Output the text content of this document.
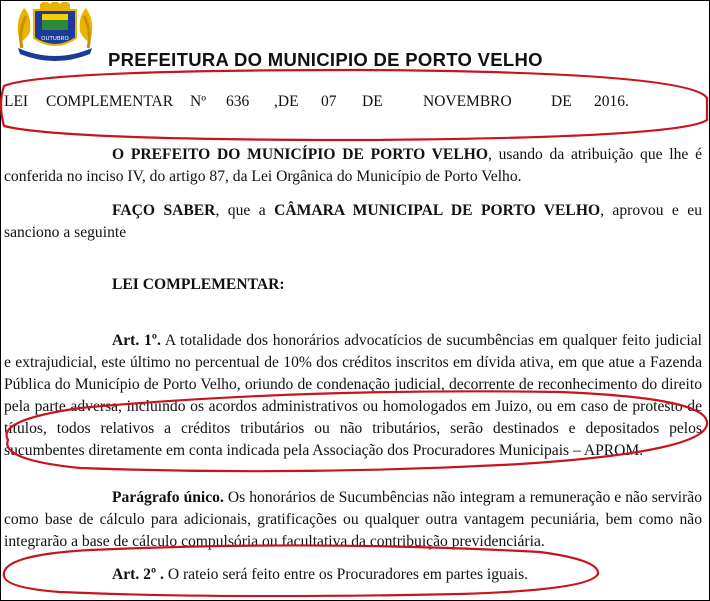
OUTUBRO
PREFEITURA DO MUNICIPIO DE PORTO VELHO
LEI COMPLEMENTAR Nº 636 ,DE 07 DE	NOVEMBRO	DE 2016.
O PREFEITO DO MUNICÍPIO DE PORTO VELHO, usando da atribuição que lhe é conferida no inciso IV, do artigo 87, da Lei Orgânica do Município de Porto Velho.
FAÇO SABER, que a CÂMARA MUNICIPAL DE PORTO VELHO, aprovou e eu sanciono a seguinte
LEI COMPLEMENTAR:
Art. 1º. A totalidade dos honorários advocatícios de sucumbências em qualquer feito judicial e extrajudicial, este último no percentual de 10% dos créditos inscritos em dívida ativa, em que atue a Fazenda Pública do Município de Porto Velho, oriundo de condenação judicial, decorrente de reconhecimento do direito pela parte adversa, incluindo os acordos administrativos ou homologados em Juizo, ou em caso de protesto de títulos, todos relativos a créditos tributários ou não tributários, serão destinados e depositados pelos sucumbentes diretamente em conta indicada pela Associação dos Procuradores Municipais – APROM.
Parágrafo único. Os honorários de Sucumbências não integram a remuneração e não servirão como base de cálculo para adicionais, gratificações ou qualquer outra vantagem pecuniária, bem como não integrarão a base de cálculo compulsória ou facultativa da contribuição previdenciária.
Art. 2º . O rateio será feito entre os Procuradores em partes iguais.
